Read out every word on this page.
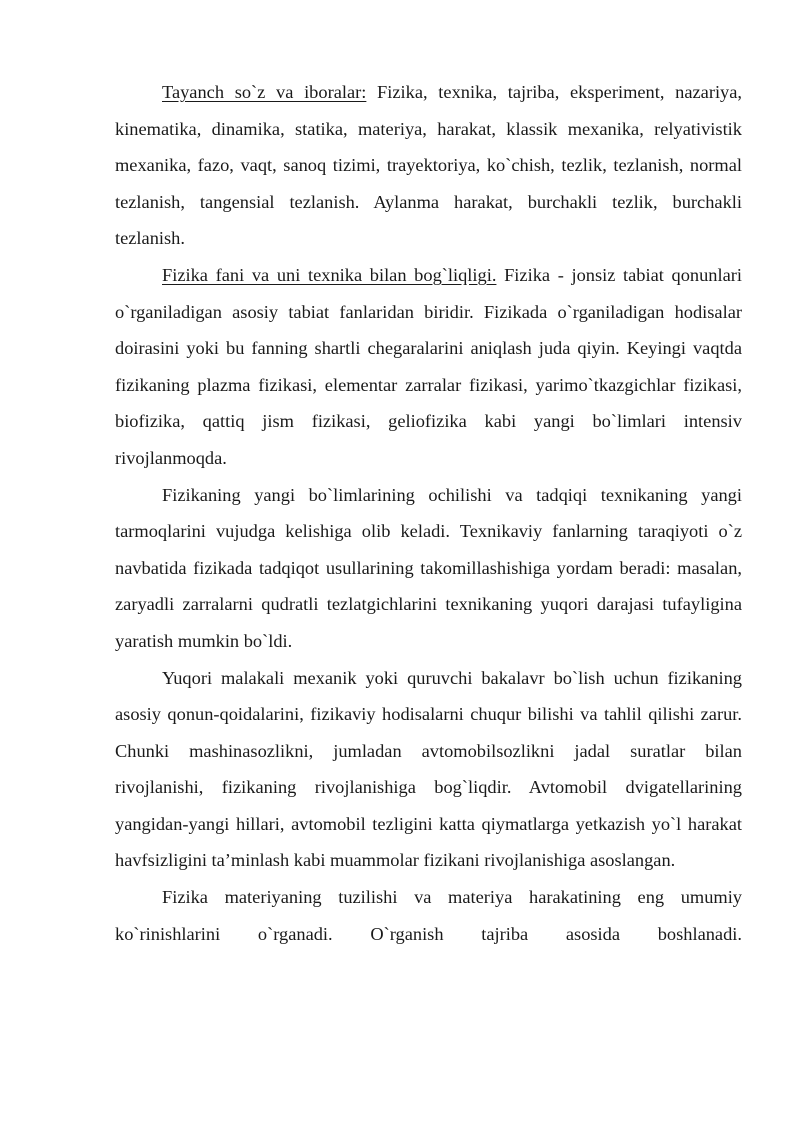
Tayanch so`z va iboralar: Fizika, texnika, tajriba, eksperiment, nazariya, kinematika, dinamika, statika, materiya, harakat, klassik mexanika, relyativistik mexanika, fazo, vaqt, sanoq tizimi, trayektoriya, ko`chish, tezlik, tezlanish, normal tezlanish, tangensial tezlanish. Aylanma harakat, burchakli tezlik, burchakli tezlanish.

Fizika fani va uni texnika bilan bog`liqligi. Fizika - jonsiz tabiat qonunlari o`rganiladigan asosiy tabiat fanlaridan biridir. Fizikada o`rganiladigan hodisalar doirasini yoki bu fanning shartli chegaralarini aniqlash juda qiyin. Keyingi vaqtda fizikaning plazma fizikasi, elementar zarralar fizikasi, yarimo`tkazgichlar fizikasi, biofizika, qattiq jism fizikasi, geliofizika kabi yangi bo`limlari intensiv rivojlanmoqda.

Fizikaning yangi bo`limlarining ochilishi va tadqiqi texnikaning yangi tarmoqlarini vujudga kelishiga olib keladi. Texnikaviy fanlarning taraqiyoti o`z navbatida fizikada tadqiqot usullarining takomillashishiga yordam beradi: masalan, zaryadli zarralarni qudratli tezlatgichlarini texnikaning yuqori darajasi tufayligina yaratish mumkin bo`ldi.

Yuqori malakali mexanik yoki quruvchi bakalavr bo`lish uchun fizikaning asosiy qonun-qoidalarini, fizikaviy hodisalarni chuqur bilishi va tahlil qilishi zarur. Chunki mashinasozlikni, jumladan avtomobilsozlikni jadal suratlar bilan rivojlanishi, fizikaning rivojlanishiga bog`liqdir. Avtomobil dvigatellarining yangidan-yangi hillari, avtomobil tezligini katta qiymatlarga yetkazish yo`l harakat havfsizligini ta’minlash kabi muammolar fizikani rivojlanishiga asoslangan.

Fizika materiyaning tuzilishi va materiya harakatining eng umumiy ko`rinishlarini o`rganadi. O`rganish tajriba asosida boshlanadi.
